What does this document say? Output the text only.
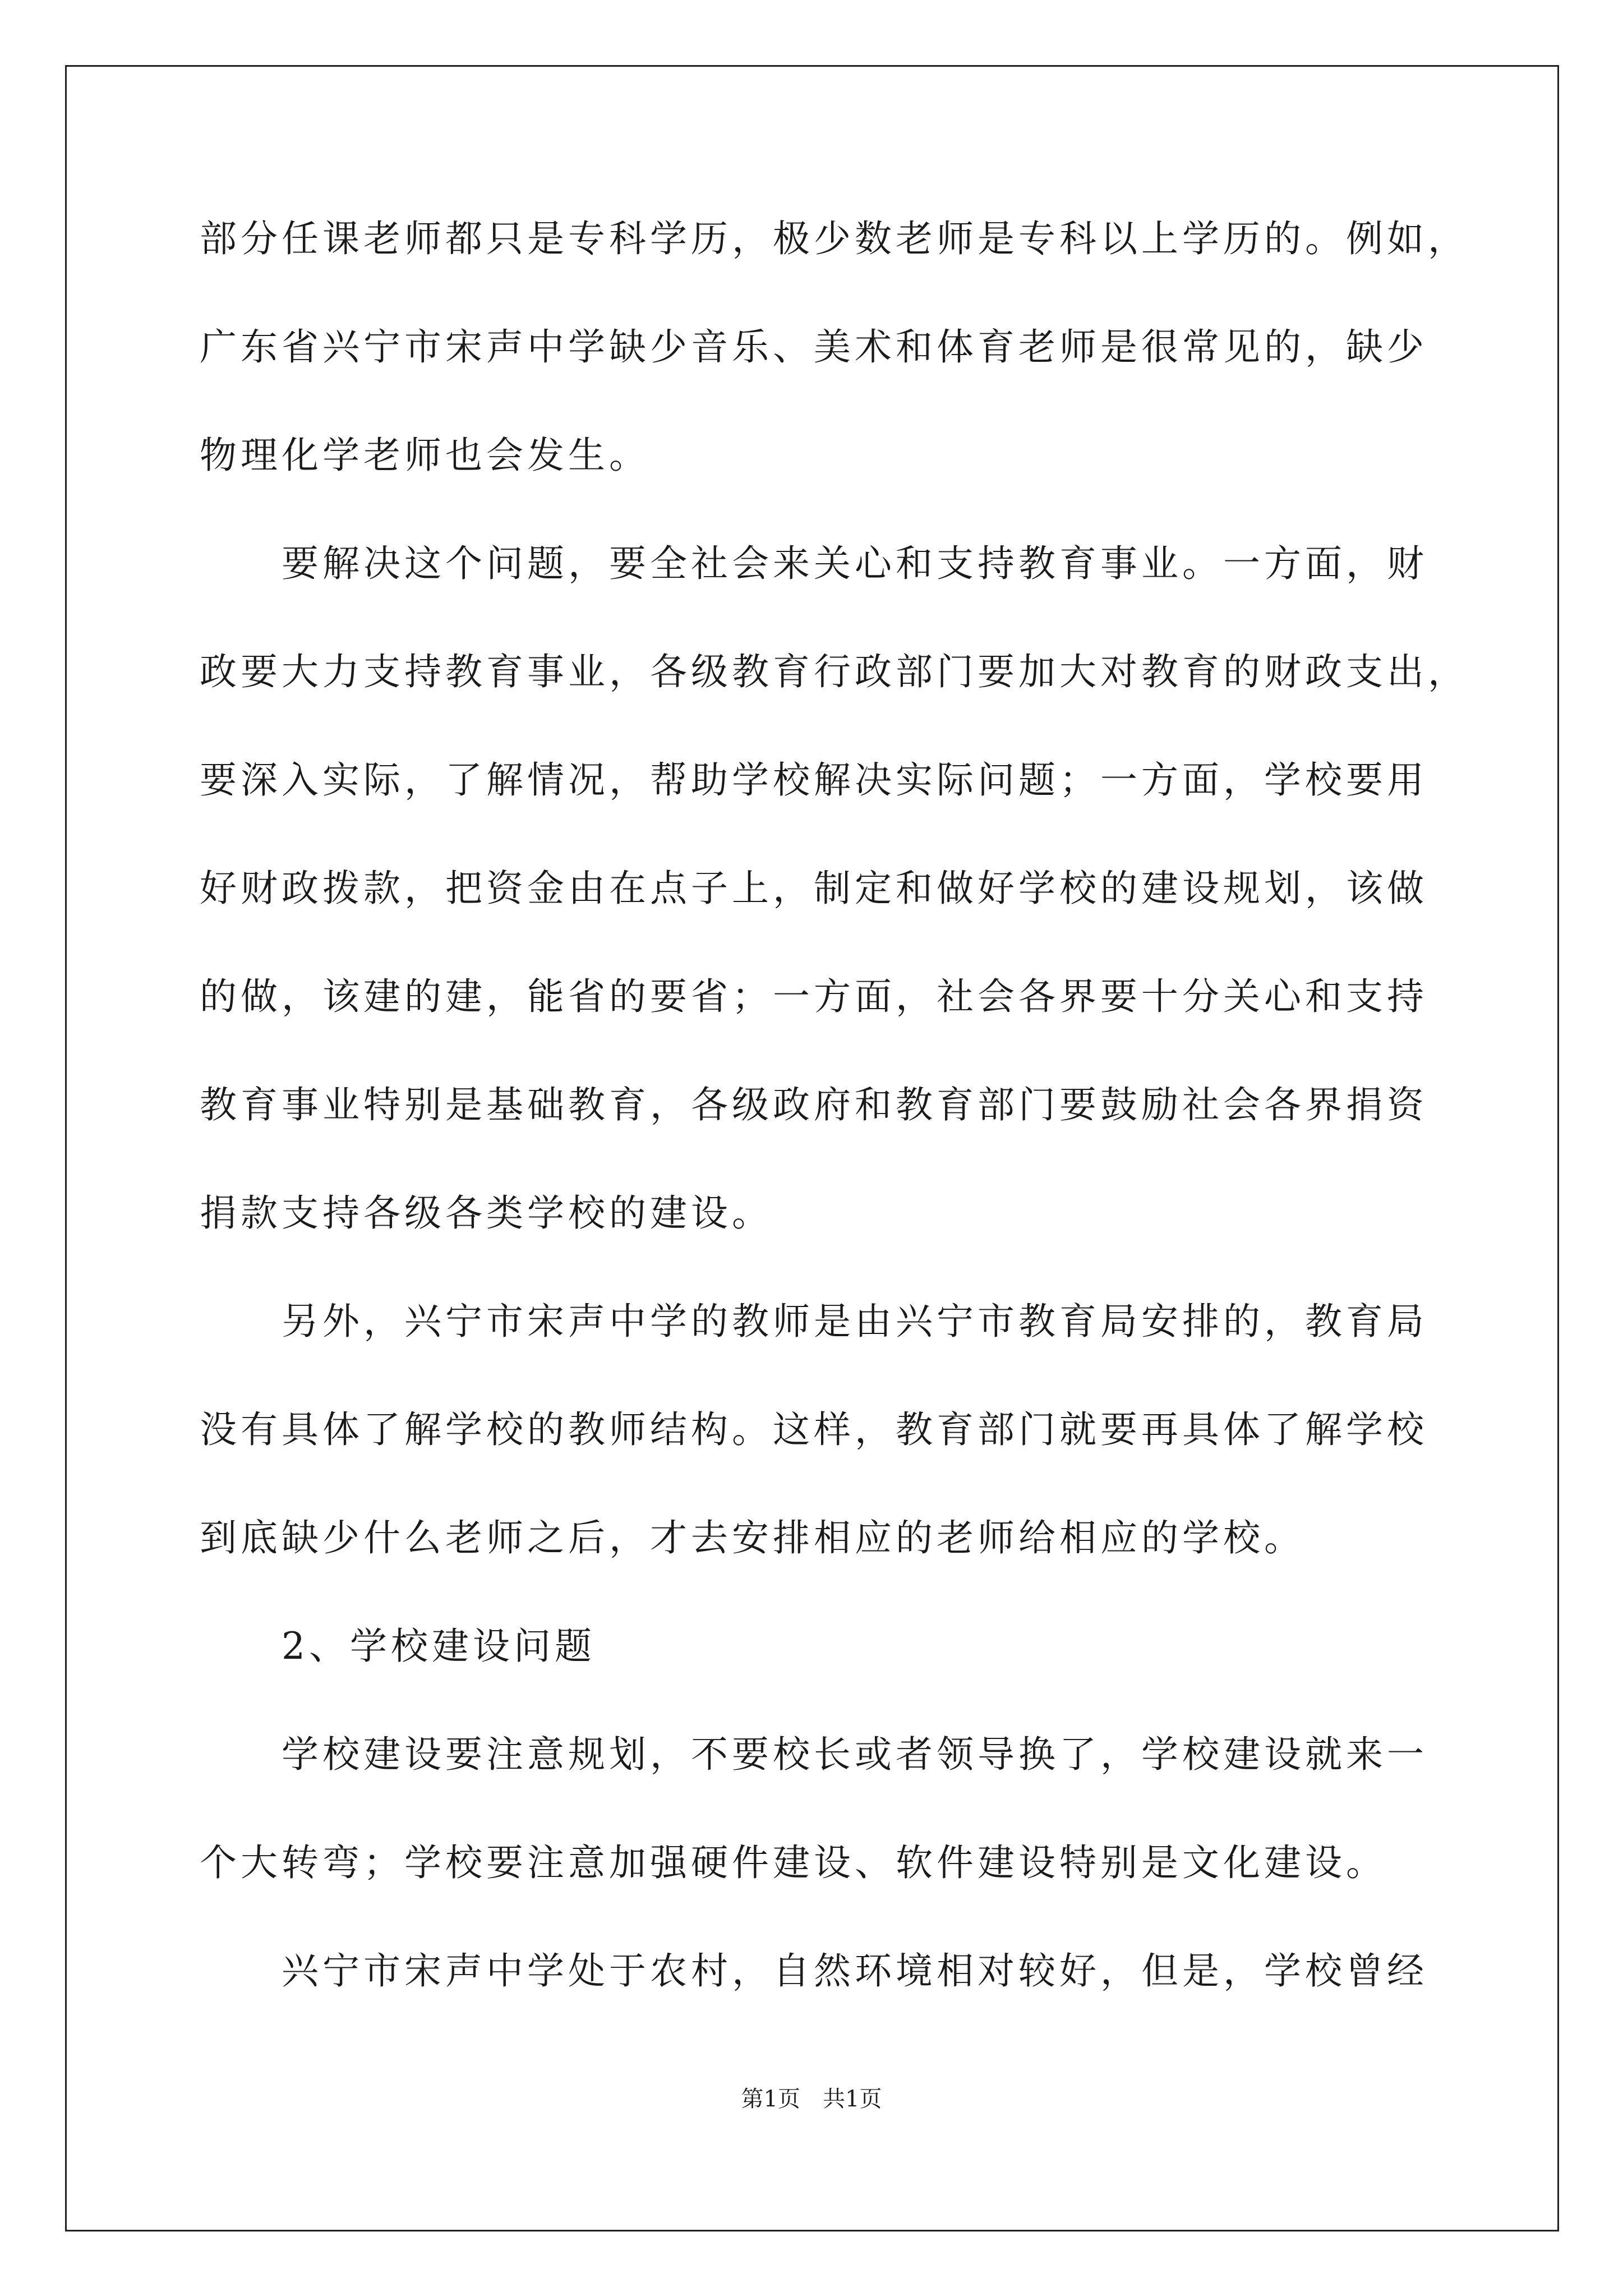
部分任课老师都只是专科学历，极少数老师是专科以上学历的。例如，
广东省兴宁市宋声中学缺少音乐、美术和体育老师是很常见的，缺少
物理化学老师也会发生。
要解决这个问题，要全社会来关心和支持教育事业。一方面，财
政要大力支持教育事业，各级教育行政部门要加大对教育的财政支出，
要深入实际，了解情况，帮助学校解决实际问题；一方面，学校要用
好财政拨款，把资金由在点子上，制定和做好学校的建设规划，该做
的做，该建的建，能省的要省；一方面，社会各界要十分关心和支持
教育事业特别是基础教育，各级政府和教育部门要鼓励社会各界捐资
捐款支持各级各类学校的建设。
另外，兴宁市宋声中学的教师是由兴宁市教育局安排的，教育局
没有具体了解学校的教师结构。这样，教育部门就要再具体了解学校
到底缺少什么老师之后，才去安排相应的老师给相应的学校。
2、学校建设问题
学校建设要注意规划，不要校长或者领导换了，学校建设就来一
个大转弯；学校要注意加强硬件建设、软件建设特别是文化建设。
兴宁市宋声中学处于农村，自然环境相对较好，但是，学校曾经
第1页　共1页
